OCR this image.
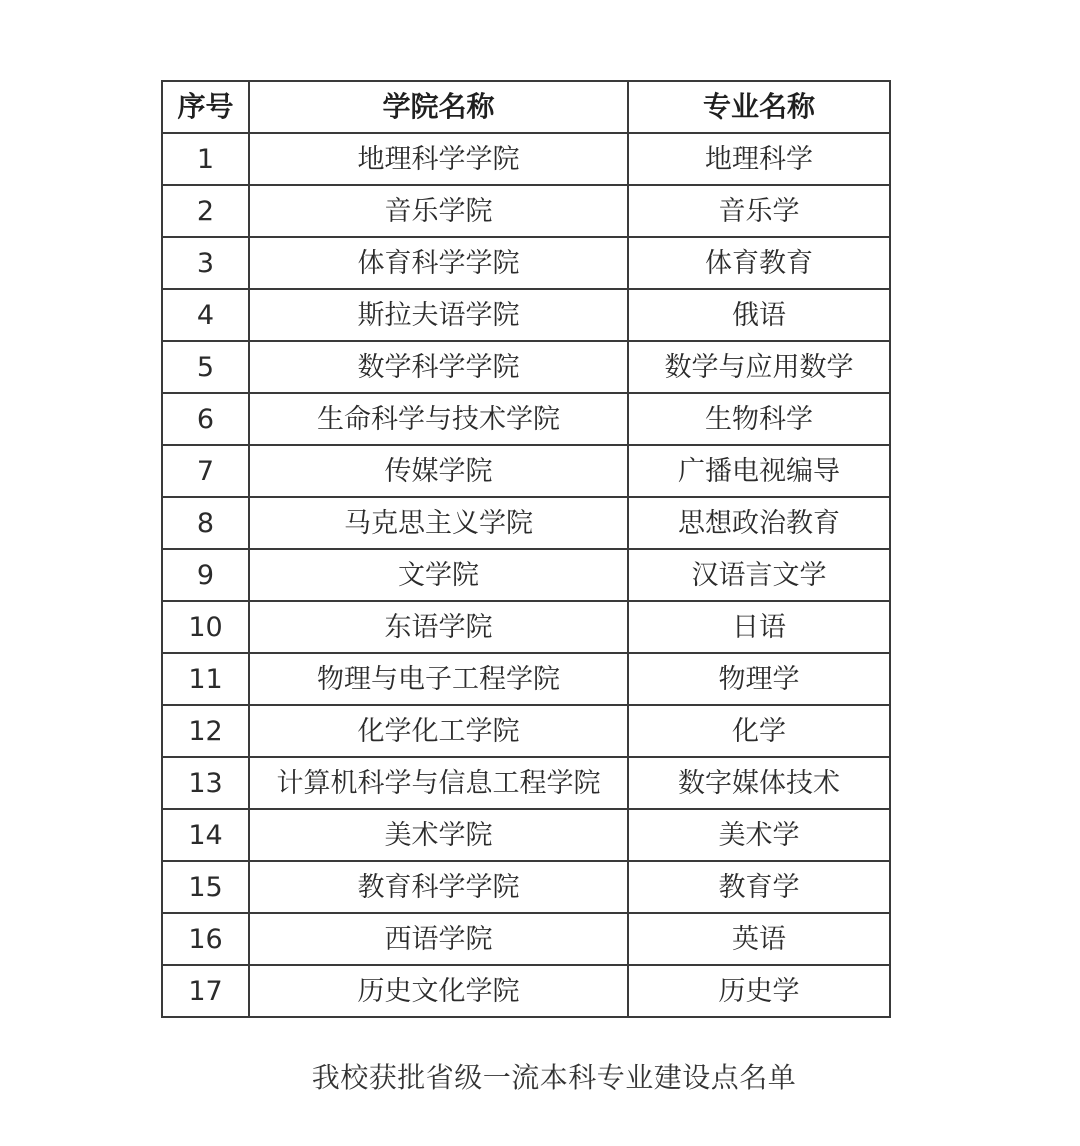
序号	学院名称	专业名称
1	地理科学学院	地理科学
2	音乐学院	音乐学
3	体育科学学院	体育教育
4	斯拉夫语学院	俄语
5	数学科学学院	数学与应用数学
6	生命科学与技术学院	生物科学
7	传媒学院	广播电视编导
8	马克思主义学院	思想政治教育
9	文学院	汉语言文学
10	东语学院	日语
11	物理与电子工程学院	物理学
12	化学化工学院	化学
13	计算机科学与信息工程学院	数字媒体技术
14	美术学院	美术学
15	教育科学学院	教育学
16	西语学院	英语
17	历史文化学院	历史学
我校获批省级一流本科专业建设点名单
